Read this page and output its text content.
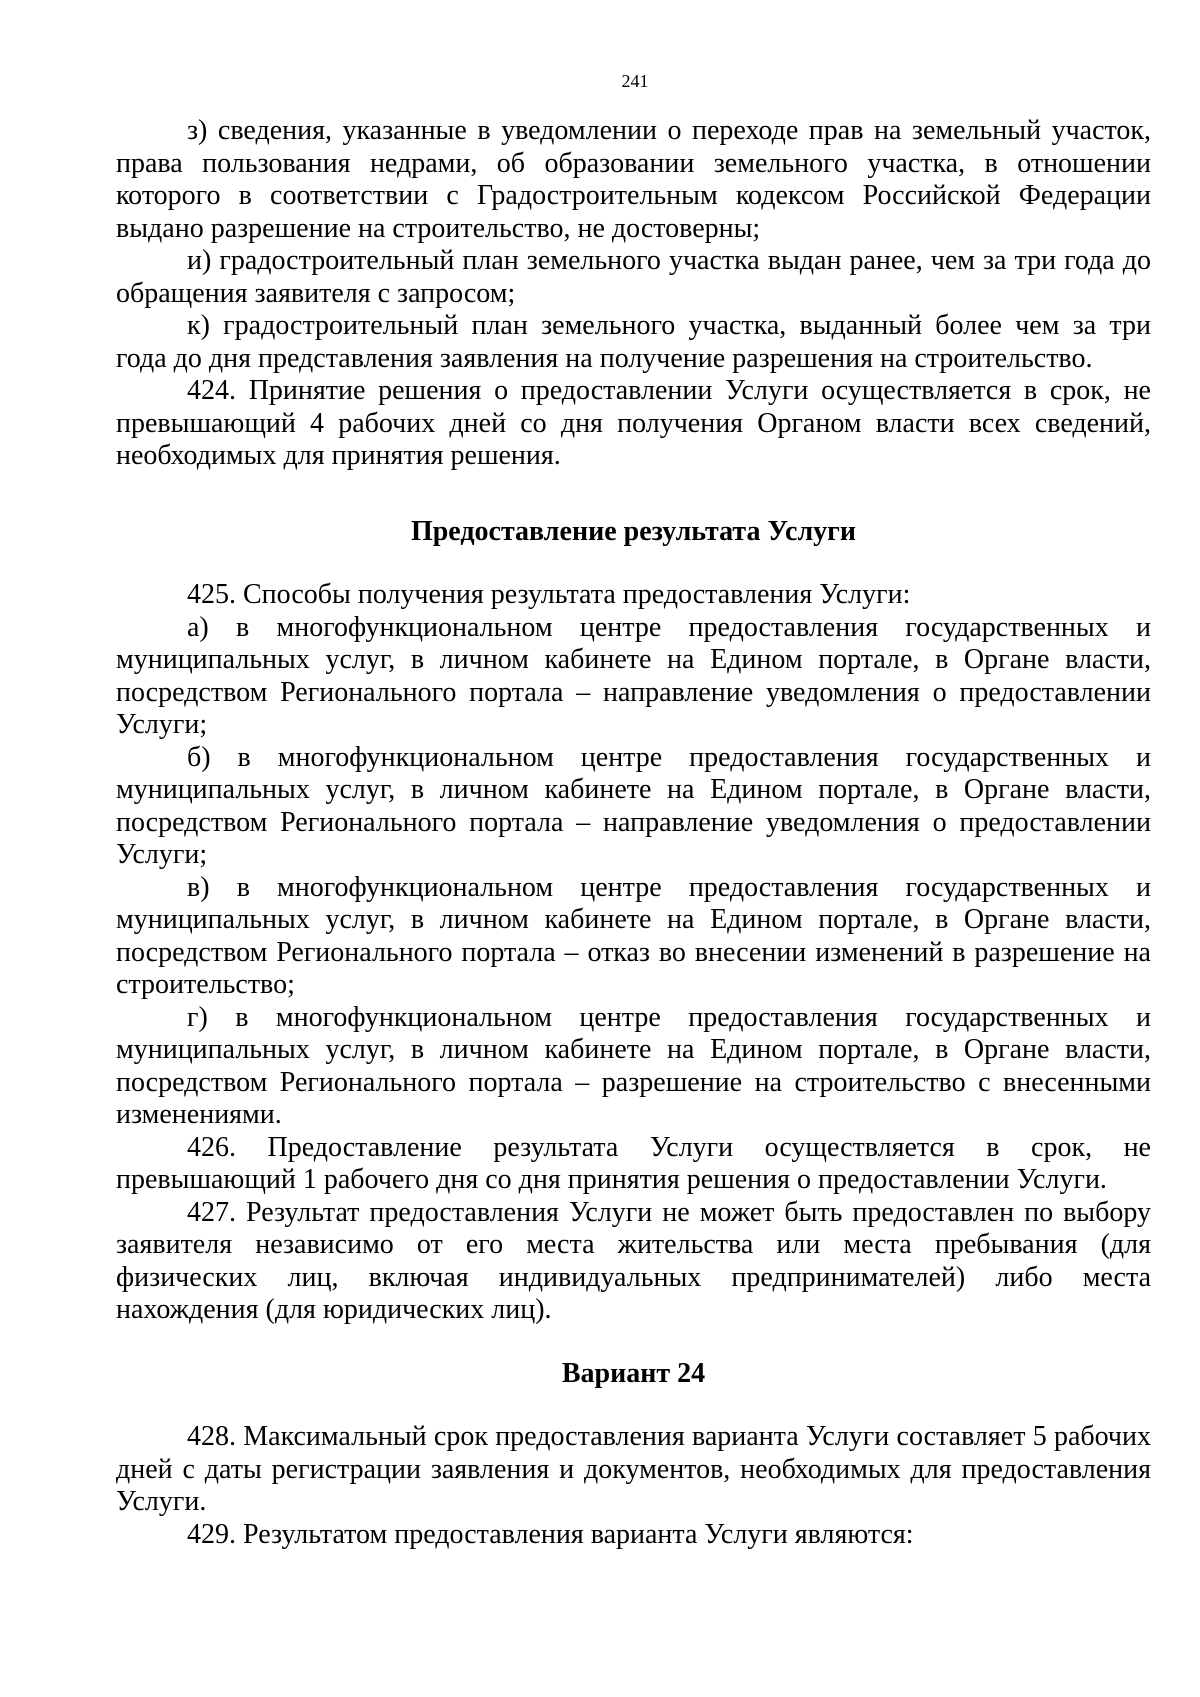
241

з) сведения, указанные в уведомлении о переходе прав на земельный участок, права пользования недрами, об образовании земельного участка, в отношении которого в соответствии с Градостроительным кодексом Российской Федерации выдано разрешение на строительство, не достоверны;

и) градостроительный план земельного участка выдан ранее, чем за три года до обращения заявителя с запросом;

к) градостроительный план земельного участка, выданный более чем за три года до дня представления заявления на получение разрешения на строительство.

424. Принятие решения о предоставлении Услуги осуществляется в срок, не превышающий 4 рабочих дней со дня получения Органом власти всех сведений, необходимых для принятия решения.

Предоставление результата Услуги

425. Способы получения результата предоставления Услуги:

а) в многофункциональном центре предоставления государственных и муниципальных услуг, в личном кабинете на Едином портале, в Органе власти, посредством Регионального портала – направление уведомления о предоставлении Услуги;

б) в многофункциональном центре предоставления государственных и муниципальных услуг, в личном кабинете на Едином портале, в Органе власти, посредством Регионального портала – направление уведомления о предоставлении Услуги;

в) в многофункциональном центре предоставления государственных и муниципальных услуг, в личном кабинете на Едином портале, в Органе власти, посредством Регионального портала – отказ во внесении изменений в разрешение на строительство;

г) в многофункциональном центре предоставления государственных и муниципальных услуг, в личном кабинете на Едином портале, в Органе власти, посредством Регионального портала – разрешение на строительство с внесенными изменениями.

426. Предоставление результата Услуги осуществляется в срок, не превышающий 1 рабочего дня со дня принятия решения о предоставлении Услуги.

427. Результат предоставления Услуги не может быть предоставлен по выбору заявителя независимо от его места жительства или места пребывания (для физических лиц, включая индивидуальных предпринимателей) либо места нахождения (для юридических лиц).

Вариант 24

428. Максимальный срок предоставления варианта Услуги составляет 5 рабочих дней с даты регистрации заявления и документов, необходимых для предоставления Услуги.

429. Результатом предоставления варианта Услуги являются:
